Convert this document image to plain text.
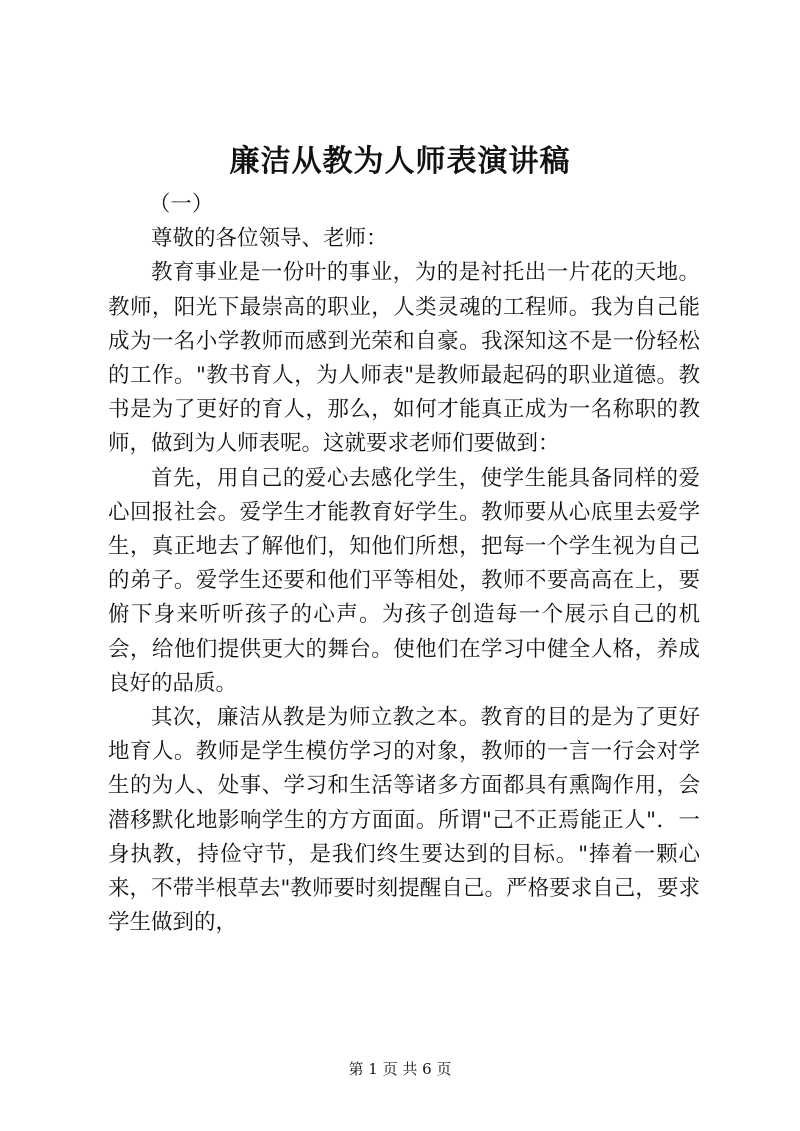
廉洁从教为人师表演讲稿

（一）

尊敬的各位领导、老师：

教育事业是一份叶的事业，为的是衬托出一片花的天地。教师，阳光下最崇高的职业，人类灵魂的工程师。我为自己能成为一名小学教师而感到光荣和自豪。我深知这不是一份轻松的工作。"教书育人，为人师表"是教师最起码的职业道德。教书是为了更好的育人，那么，如何才能真正成为一名称职的教师，做到为人师表呢。这就要求老师们要做到：

首先，用自己的爱心去感化学生，使学生能具备同样的爱心回报社会。爱学生才能教育好学生。教师要从心底里去爱学生，真正地去了解他们，知他们所想，把每一个学生视为自己的弟子。爱学生还要和他们平等相处，教师不要高高在上，要俯下身来听听孩子的心声。为孩子创造每一个展示自己的机会，给他们提供更大的舞台。使他们在学习中健全人格，养成良好的品质。

其次，廉洁从教是为师立教之本。教育的目的是为了更好地育人。教师是学生模仿学习的对象，教师的一言一行会对学生的为人、处事、学习和生活等诸多方面都具有熏陶作用，会潜移默化地影响学生的方方面面。所谓"己不正焉能正人"．一身执教，持俭守节，是我们终生要达到的目标。"捧着一颗心来，不带半根草去"教师要时刻提醒自己。严格要求自己，要求学生做到的，

第 1 页 共 6 页
